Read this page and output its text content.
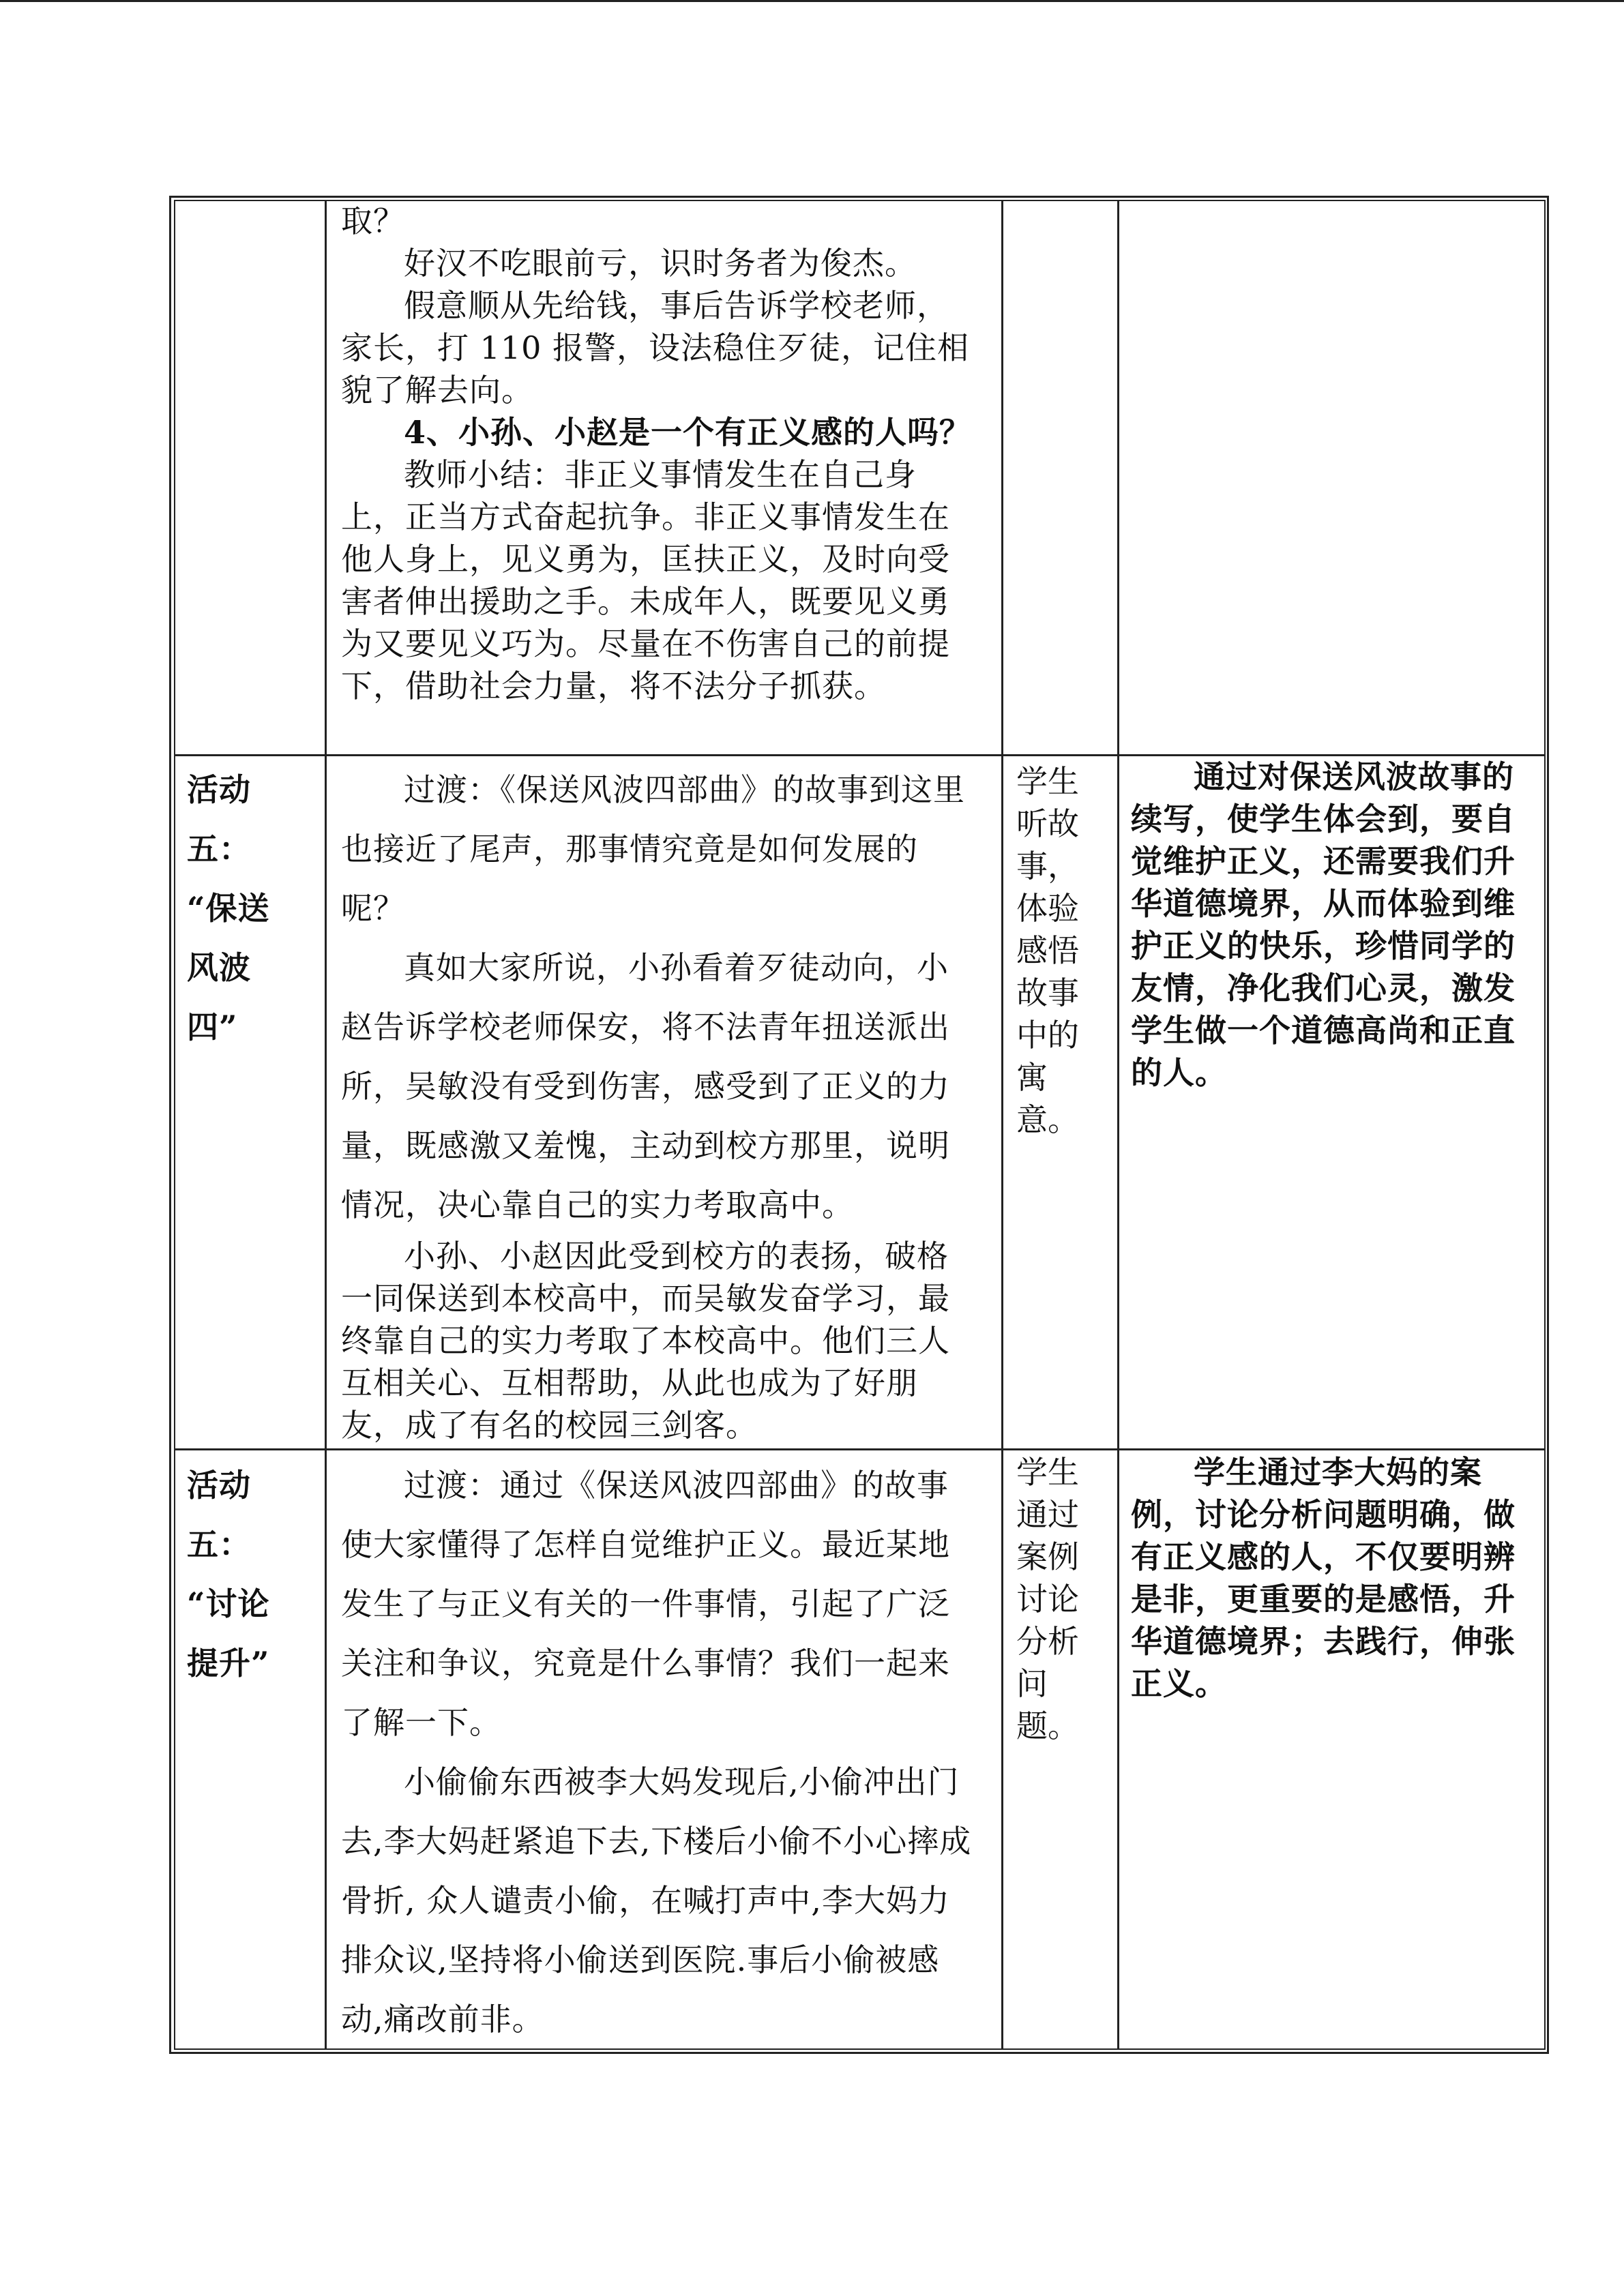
取？

好汉不吃眼前亏，识时务者为俊杰。

假意顺从先给钱，事后告诉学校老师，家长，打 110 报警，设法稳住歹徒，记住相貌了解去向。

4、小孙、小赵是一个有正义感的人吗？

教师小结：非正义事情发生在自己身上，正当方式奋起抗争。非正义事情发生在他人身上，见义勇为，匡扶正义，及时向受害者伸出援助之手。未成年人，既要见义勇为又要见义巧为。尽量在不伤害自己的前提下，借助社会力量，将不法分子抓获。

活动

五：

“保送

风波

四”

过渡：《保送风波四部曲》的故事到这里也接近了尾声，那事情究竟是如何发展的呢？

真如大家所说，小孙看着歹徒动向，小赵告诉学校老师保安，将不法青年扭送派出所，吴敏没有受到伤害，感受到了正义的力量，既感激又羞愧，主动到校方那里，说明情况，决心靠自己的实力考取高中。

小孙、小赵因此受到校方的表扬，破格一同保送到本校高中，而吴敏发奋学习，最终靠自己的实力考取了本校高中。他们三人互相关心、互相帮助，从此也成为了好朋友，成了有名的校园三剑客。

学生听故事，体验感悟故事中的寓意。

通过对保送风波故事的续写，使学生体会到，要自觉维护正义，还需要我们升华道德境界，从而体验到维护正义的快乐，珍惜同学的友情，净化我们心灵，激发学生做一个道德高尚和正直的人。

活动

五：

“讨论

提升”

过渡：通过《保送风波四部曲》的故事使大家懂得了怎样自觉维护正义。最近某地发生了与正义有关的一件事情，引起了广泛关注和争议，究竟是什么事情？我们一起来了解一下。

小偷偷东西被李大妈发现后,小偷冲出门去,李大妈赶紧追下去,下楼后小偷不小心摔成骨折, 众人谴责小偷，在喊打声中,李大妈力排众议,坚持将小偷送到医院.事后小偷被感动,痛改前非。

学生通过案例讨论分析问题。

学生通过李大妈的案例，讨论分析问题明确，做有正义感的人，不仅要明辨是非，更重要的是感悟，升华道德境界；去践行，伸张正义。
